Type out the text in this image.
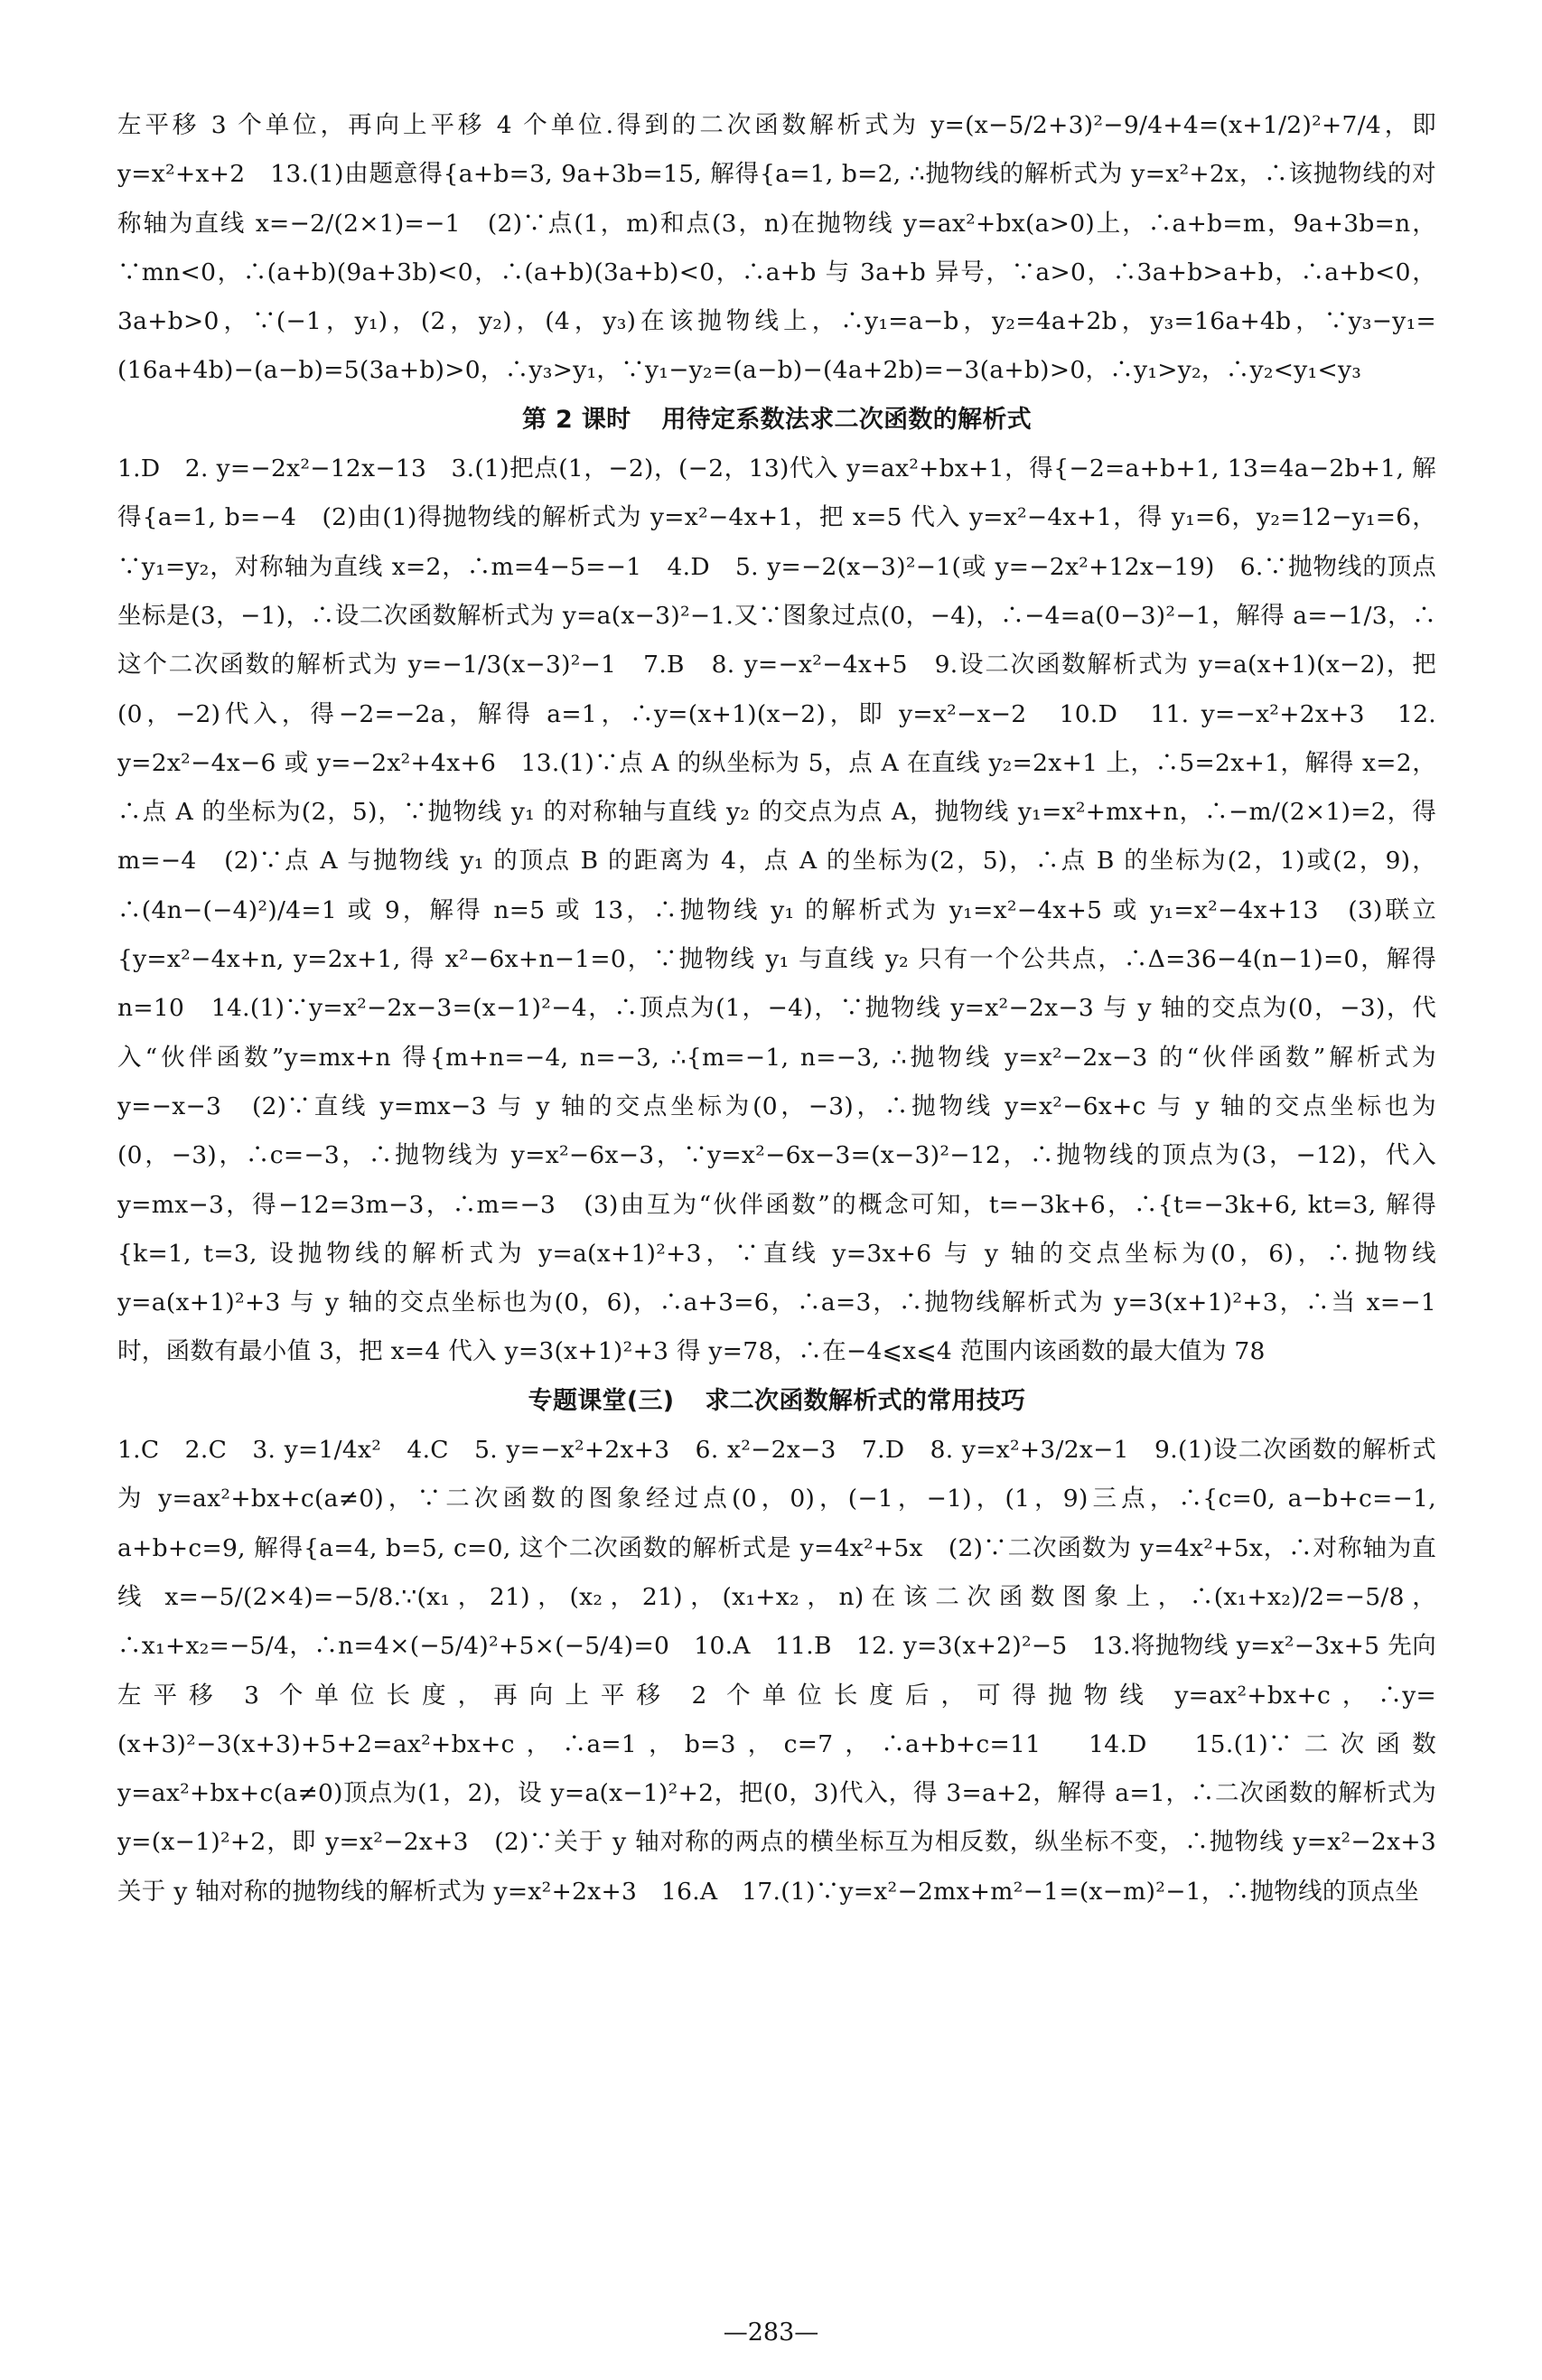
左平移 3 个单位，再向上平移 4 个单位.得到的二次函数解析式为 y=(x−5/2+3)²−9/4+4=(x+1/2)²+7/4，即 y=x²+x+2　13.(1)由题意得{a+b=3, 9a+3b=15, 解得{a=1, b=2, ∴抛物线的解析式为 y=x²+2x，∴该抛物线的对称轴为直线 x=−2/(2×1)=−1　(2)∵点(1，m)和点(3，n)在抛物线 y=ax²+bx(a>0)上，∴a+b=m，9a+3b=n，∵mn<0，∴(a+b)(9a+3b)<0，∴(a+b)(3a+b)<0，∴a+b 与 3a+b 异号，∵a>0，∴3a+b>a+b，∴a+b<0，3a+b>0，∵(−1，y₁)，(2，y₂)，(4，y₃)在该抛物线上，∴y₁=a−b，y₂=4a+2b，y₃=16a+4b，∵y₃−y₁=(16a+4b)−(a−b)=5(3a+b)>0，∴y₃>y₁，∵y₁−y₂=(a−b)−(4a+2b)=−3(a+b)>0，∴y₁>y₂，∴y₂<y₁<y₃

第 2 课时 用待定系数法求二次函数的解析式

1.D　2. y=−2x²−12x−13　3.(1)把点(1，−2)，(−2，13)代入 y=ax²+bx+1，得{−2=a+b+1, 13=4a−2b+1, 解得{a=1, b=−4　(2)由(1)得抛物线的解析式为 y=x²−4x+1，把 x=5 代入 y=x²−4x+1，得 y₁=6，y₂=12−y₁=6，∵y₁=y₂，对称轴为直线 x=2，∴m=4−5=−1　4.D　5. y=−2(x−3)²−1(或 y=−2x²+12x−19)　6.∵抛物线的顶点坐标是(3，−1)，∴设二次函数解析式为 y=a(x−3)²−1.又∵图象过点(0，−4)，∴−4=a(0−3)²−1，解得 a=−1/3，∴这个二次函数的解析式为 y=−1/3(x−3)²−1　7.B　8. y=−x²−4x+5　9.设二次函数解析式为 y=a(x+1)(x−2)，把(0，−2)代入，得−2=−2a，解得 a=1，∴y=(x+1)(x−2)，即 y=x²−x−2　10.D　11. y=−x²+2x+3　12. y=2x²−4x−6 或 y=−2x²+4x+6　13.(1)∵点 A 的纵坐标为 5，点 A 在直线 y₂=2x+1 上，∴5=2x+1，解得 x=2，∴点 A 的坐标为(2，5)，∵抛物线 y₁ 的对称轴与直线 y₂ 的交点为点 A，抛物线 y₁=x²+mx+n，∴−m/(2×1)=2，得 m=−4　(2)∵点 A 与抛物线 y₁ 的顶点 B 的距离为 4，点 A 的坐标为(2，5)，∴点 B 的坐标为(2，1)或(2，9)，∴(4n−(−4)²)/4=1 或 9，解得 n=5 或 13，∴抛物线 y₁ 的解析式为 y₁=x²−4x+5 或 y₁=x²−4x+13　(3)联立{y=x²−4x+n, y=2x+1, 得 x²−6x+n−1=0，∵抛物线 y₁ 与直线 y₂ 只有一个公共点，∴Δ=36−4(n−1)=0，解得 n=10　14.(1)∵y=x²−2x−3=(x−1)²−4，∴顶点为(1，−4)，∵抛物线 y=x²−2x−3 与 y 轴的交点为(0，−3)，代入“伙伴函数”y=mx+n 得{m+n=−4, n=−3, ∴{m=−1, n=−3, ∴抛物线 y=x²−2x−3 的“伙伴函数”解析式为 y=−x−3　(2)∵直线 y=mx−3 与 y 轴的交点坐标为(0，−3)，∴抛物线 y=x²−6x+c 与 y 轴的交点坐标也为(0，−3)，∴c=−3，∴抛物线为 y=x²−6x−3，∵y=x²−6x−3=(x−3)²−12，∴抛物线的顶点为(3，−12)，代入 y=mx−3，得−12=3m−3，∴m=−3　(3)由互为“伙伴函数”的概念可知，t=−3k+6，∴{t=−3k+6, kt=3, 解得{k=1, t=3, 设抛物线的解析式为 y=a(x+1)²+3，∵直线 y=3x+6 与 y 轴的交点坐标为(0，6)，∴抛物线 y=a(x+1)²+3 与 y 轴的交点坐标也为(0，6)，∴a+3=6，∴a=3，∴抛物线解析式为 y=3(x+1)²+3，∴当 x=−1 时，函数有最小值 3，把 x=4 代入 y=3(x+1)²+3 得 y=78，∴在−4⩽x⩽4 范围内该函数的最大值为 78

专题课堂(三) 求二次函数解析式的常用技巧

1.C　2.C　3. y=1/4x²　4.C　5. y=−x²+2x+3　6. x²−2x−3　7.D　8. y=x²+3/2x−1　9.(1)设二次函数的解析式为 y=ax²+bx+c(a≠0)，∵二次函数的图象经过点(0，0)，(−1，−1)，(1，9)三点，∴{c=0, a−b+c=−1, a+b+c=9, 解得{a=4, b=5, c=0, 这个二次函数的解析式是 y=4x²+5x　(2)∵二次函数为 y=4x²+5x，∴对称轴为直线 x=−5/(2×4)=−5/8.∵(x₁，21)，(x₂，21)，(x₁+x₂，n)在该二次函数图象上，∴(x₁+x₂)/2=−5/8，∴x₁+x₂=−5/4，∴n=4×(−5/4)²+5×(−5/4)=0　10.A　11.B　12. y=3(x+2)²−5　13.将抛物线 y=x²−3x+5 先向左平移 3 个单位长度，再向上平移 2 个单位长度后，可得抛物线 y=ax²+bx+c，∴y=(x+3)²−3(x+3)+5+2=ax²+bx+c，∴a=1，b=3，c=7，∴a+b+c=11　14.D　15.(1)∵二次函数 y=ax²+bx+c(a≠0)顶点为(1，2)，设 y=a(x−1)²+2，把(0，3)代入，得 3=a+2，解得 a=1，∴二次函数的解析式为 y=(x−1)²+2，即 y=x²−2x+3　(2)∵关于 y 轴对称的两点的横坐标互为相反数，纵坐标不变，∴抛物线 y=x²−2x+3 关于 y 轴对称的抛物线的解析式为 y=x²+2x+3　16.A　17.(1)∵y=x²−2mx+m²−1=(x−m)²−1，∴抛物线的顶点坐

—283—
